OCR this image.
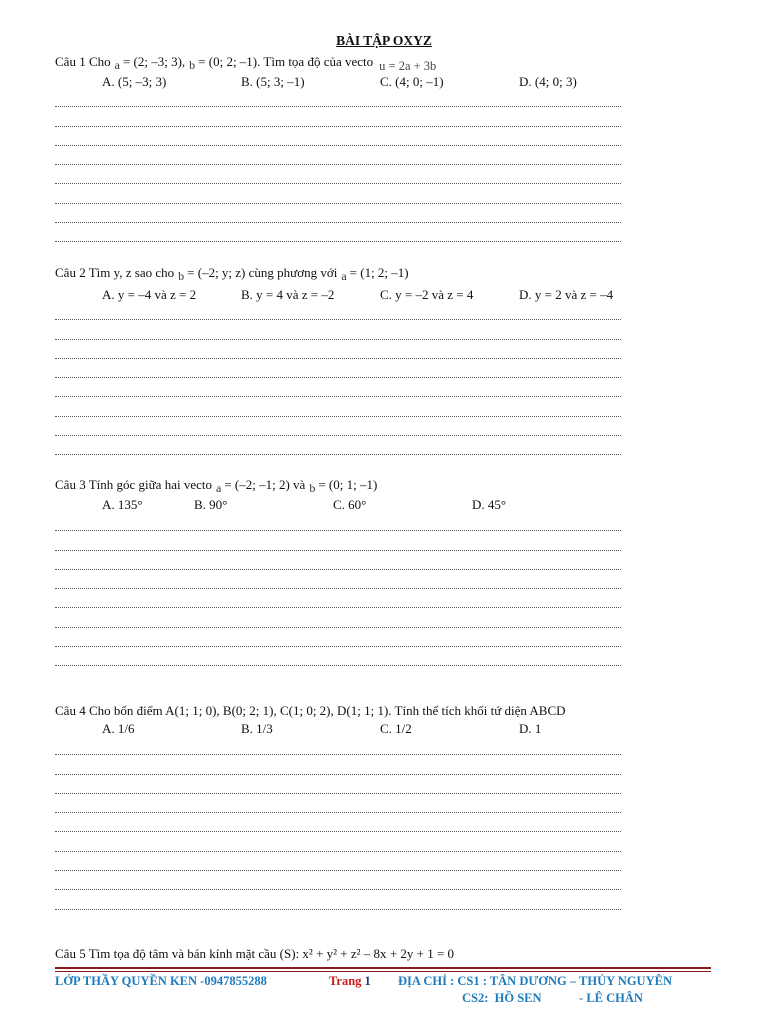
BÀI TẬP OXYZ
Câu 1 Cho a = (2; –3; 3), b = (0; 2; –1). Tìm tọa độ của vecto u = 2a + 3b
A. (5; –3; 3)	B. (5; 3; –1)	C. (4; 0; –1)	D. (4; 0; 3)
Câu 2 Tìm y, z sao cho b = (–2; y; z) cùng phương với a = (1; 2; –1)
A. y = –4 và z = 2	B. y = 4 và z = –2	C. y = –2 và z = 4	D. y = 2 và z = –4
Câu 3 Tính góc giữa hai vecto a = (–2; –1; 2) và b = (0; 1; –1)
A. 135°	B. 90°	C. 60°	D. 45°
Câu 4 Cho bốn điểm A(1; 1; 0), B(0; 2; 1), C(1; 0; 2), D(1; 1; 1). Tính thể tích khối tứ diện ABCD
A. 1/6	B. 1/3	C. 1/2	D. 1
Câu 5 Tìm tọa độ tâm và bán kính mặt cầu (S): x² + y² + z² – 8x + 2y + 1 = 0
LỚP THẦY QUYỀN KEN -0947855288	Trang 1 ĐỊA CHỈ : CS1 : TÂN DƯƠNG – THỦY NGUYÊN
CS2:  HỒ SEN            - LÊ CHÂN
